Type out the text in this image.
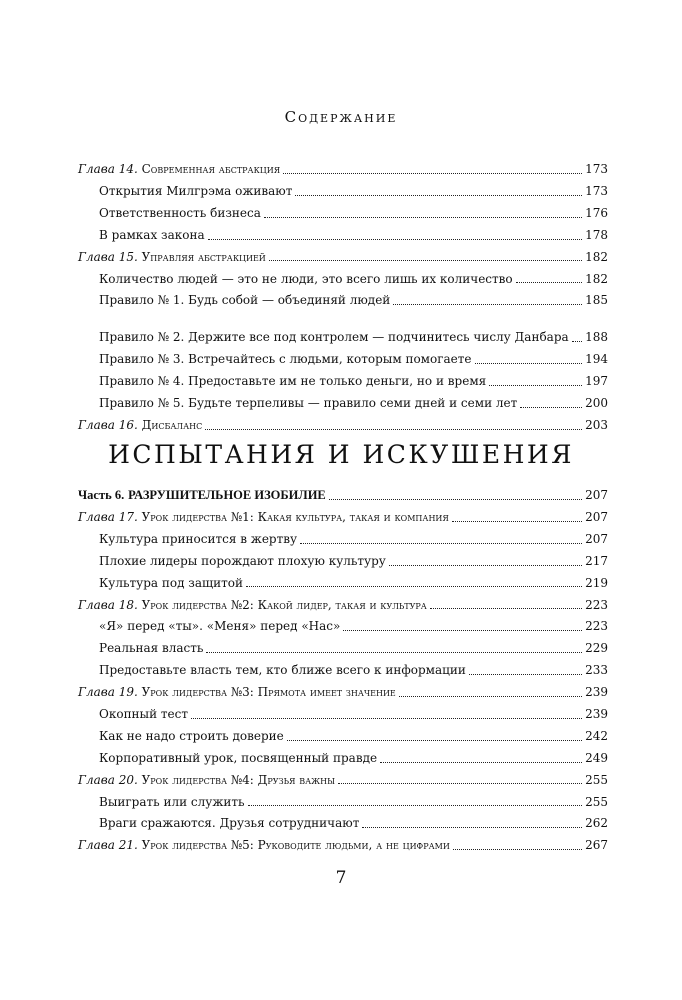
Содержание
Глава 14. Современная абстракция	173
Открытия Милгрэма оживают	173
Ответственность бизнеса	176
В рамках закона	178
Глава 15. Управляя абстракцией	182
Количество людей — это не люди, это всего лишь их количество	182
Правило № 1. Будь собой — объединяй людей	185
Правило № 2. Держите все под контролем — подчинитесь числу Данбара 188
Правило № 3. Встречайтесь с людьми, которым помогаете	194
Правило № 4. Предоставьте им не только деньги, но и время	197
Правило № 5. Будьте терпеливы — правило семи дней и семи лет	200
Глава 16. Дисбаланс	203
ИСПЫТАНИЯ И ИСКУШЕНИЯ
Часть 6. РАЗРУШИТЕЛЬНОЕ ИЗОБИЛИЕ	207
Глава 17. Урок лидерства №1: Какая культура, такая и компания	207
Культура приносится в жертву	207
Плохие лидеры порождают плохую культуру	217
Культура под защитой	219
Глава 18. Урок лидерства №2: Какой лидер, такая и культура	223
«Я» перед «ты». «Меня» перед «Нас»	223
Реальная власть	229
Предоставьте власть тем, кто ближе всего к информации	233
Глава 19. Урок лидерства №3: Прямота имеет значение	239
Окопный тест	239
Как не надо строить доверие	242
Корпоративный урок, посвященный правде	249
Глава 20. Урок лидерства №4: Друзья важны	255
Выиграть или служить	255
Враги сражаются. Друзья сотрудничают	262
Глава 21. Урок лидерства №5: Руководите людьми, а не цифрами	267
7
